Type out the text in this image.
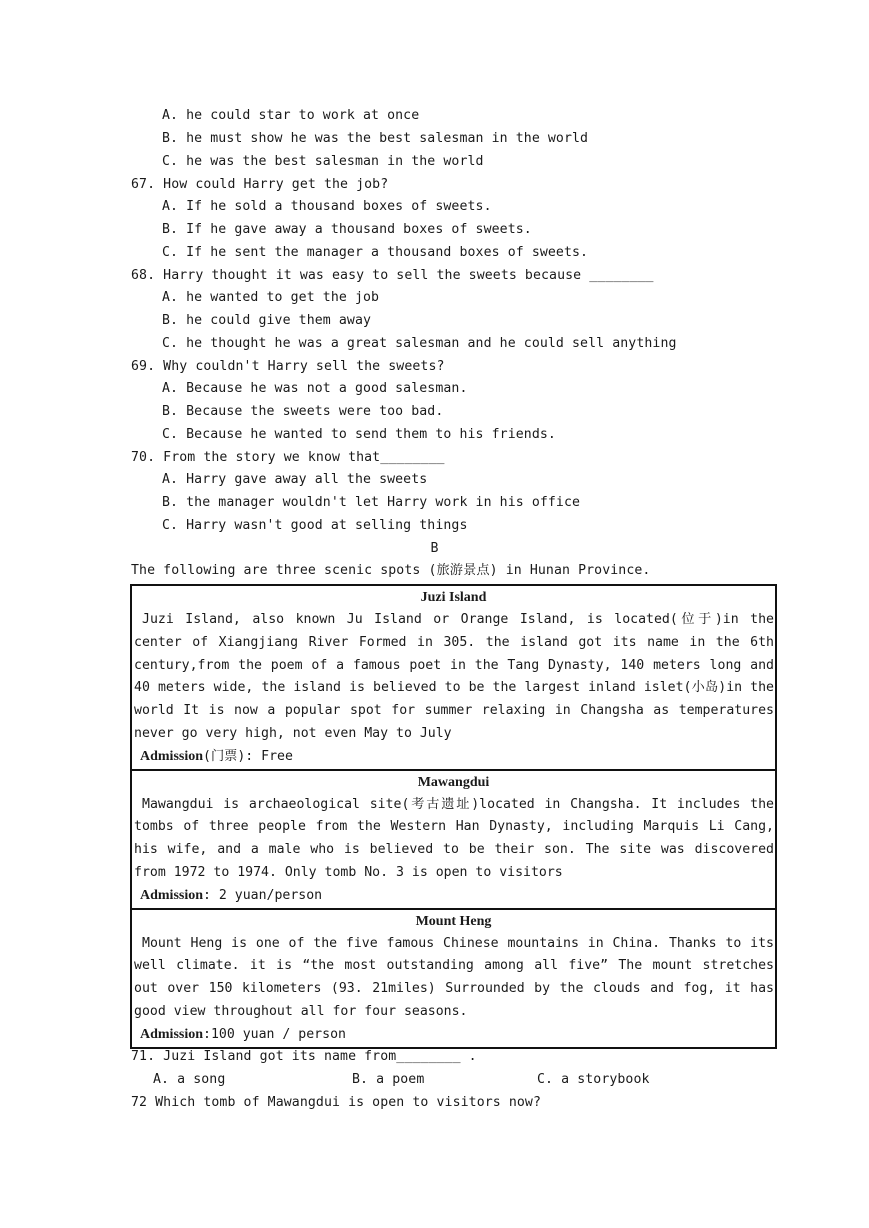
A. he could star to work at once
B. he must show he was the best salesman in the world
C. he was the best salesman in the world
67. How could Harry get the job?
A. If he sold a thousand boxes of sweets.
B. If he gave away a thousand boxes of sweets.
C. If he sent the manager a thousand boxes of sweets.
68. Harry thought it was easy to sell the sweets because ________
A. he wanted to get the job
B. he could give them away
C. he thought he was a great salesman and he could sell anything
69. Why couldn't Harry sell the sweets?
A. Because he was not a good salesman.
B. Because the sweets were too bad.
C. Because he wanted to send them to his friends.
70. From the story we know that________
A. Harry gave away all the sweets
B. the manager wouldn't let Harry work in his office
C. Harry wasn't good at selling things
B
The following are three scenic spots (旅游景点) in Hunan Province.
Juzi Island
Juzi Island, also known Ju Island or Orange Island, is located(位于)in the center of Xiangjiang River Formed in 305. the island got its name in the 6th century,from the poem of a famous poet in the Tang Dynasty, 140 meters long and 40 meters wide, the island is believed to be the largest inland islet(小岛)in the world It is now a popular spot for summer relaxing in Changsha as temperatures never go very high, not even May to July
Admission(门票): Free

Mawangdui
Mawangdui is archaeological site(考古遗址)located in Changsha. It includes the tombs of three people from the Western Han Dynasty, including Marquis Li Cang, his wife, and a male who is believed to be their son. The site was discovered from 1972 to 1974. Only tomb No. 3 is open to visitors
Admission: 2 yuan/person

Mount Heng
Mount Heng is one of the five famous Chinese mountains in China. Thanks to its well climate. it is “the most outstanding among all five” The mount stretches out over 150 kilometers (93. 21miles) Surrounded by the clouds and fog, it has good view throughout all for four seasons.
Admission:100 yuan / person
71. Juzi Island got its name from________ .
A. a song	B. a poem	C. a storybook
72 Which tomb of Mawangdui is open to visitors now?
